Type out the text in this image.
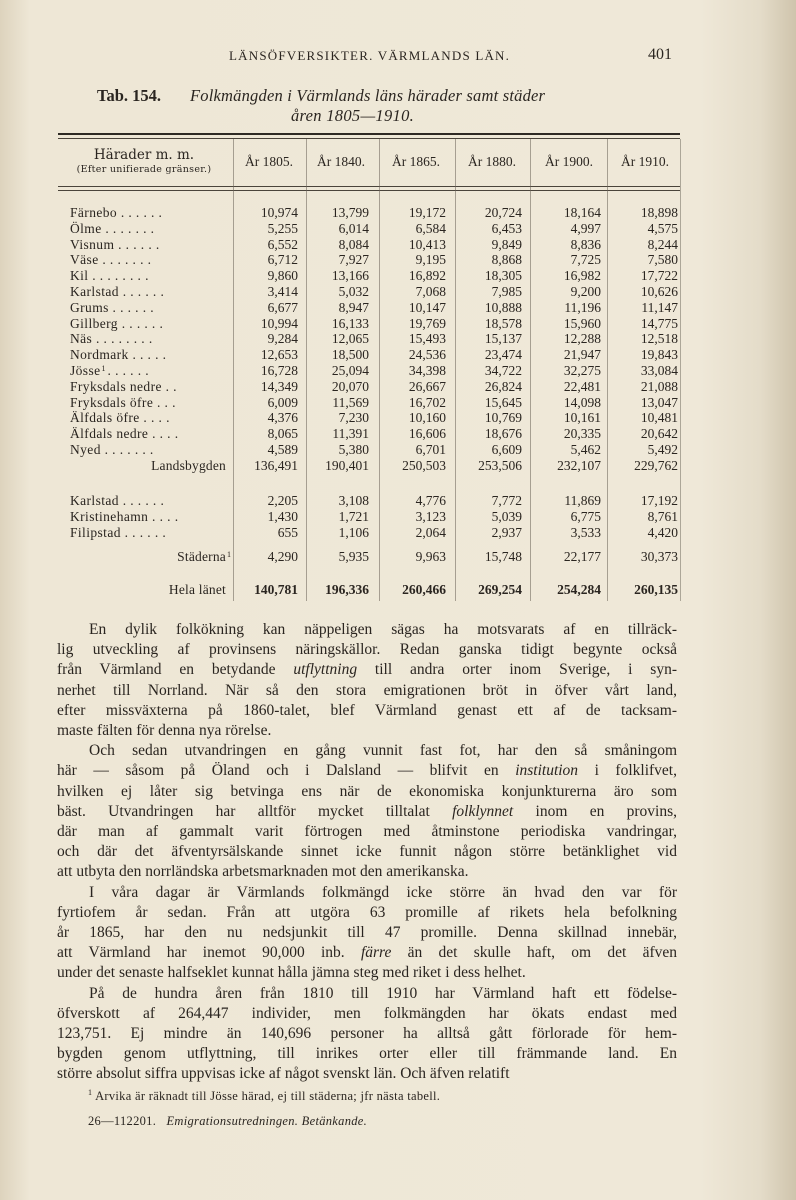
LÄNSÖFVERSIKTER. VÄRMLANDS LÄN.	401
Tab. 154. Folkmängden i Värmlands läns härader samt städer
åren 1805—1910.
Härader m. m.
(Efter unifierade gränser.)
År 1805.	År 1840.	År 1865.	År 1880.	År 1900.	År 1910.
Färnebo . . . . . .	10,974	13,799	19,172	20,724	18,164	18,898
Ölme . . . . . . .	5,255	6,014	6,584	6,453	4,997	4,575
Visnum . . . . . .	6,552	8,084	10,413	9,849	8,836	8,244
Väse . . . . . . .	6,712	7,927	9,195	8,868	7,725	7,580
Kil . . . . . . . .	9,860	13,166	16,892	18,305	16,982	17,722
Karlstad . . . . . .	3,414	5,032	7,068	7,985	9,200	10,626
Grums . . . . . .	6,677	8,947	10,147	10,888	11,196	11,147
Gillberg . . . . . .	10,994	16,133	19,769	18,578	15,960	14,775
Näs . . . . . . . .	9,284	12,065	15,493	15,137	12,288	12,518
Nordmark . . . . .	12,653	18,500	24,536	23,474	21,947	19,843
Jösse 1 . . . . . .	16,728	25,094	34,398	34,722	32,275	33,084
Fryksdals nedre . .	14,349	20,070	26,667	26,824	22,481	21,088
Fryksdals öfre . . .	6,009	11,569	16,702	15,645	14,098	13,047
Älfdals öfre . . . .	4,376	7,230	10,160	10,769	10,161	10,481
Älfdals nedre . . . .	8,065	11,391	16,606	18,676	20,335	20,642
Nyed . . . . . . .	4,589	5,380	6,701	6,609	5,462	5,492
Landsbygden	136,491	190,401	250,503	253,506	232,107	229,762
Karlstad . . . . . .	2,205	3,108	4,776	7,772	11,869	17,192
Kristinehamn . . . .	1,430	1,721	3,123	5,039	6,775	8,761
Filipstad . . . . . .	655	1,106	2,064	2,937	3,533	4,420
Städerna 1	4,290	5,935	9,963	15,748	22,177	30,373
Hela länet	140,781	196,336	260,466	269,254	254,284	260,135

En dylik folkökning kan näppeligen sägas ha motsvarats af en tillräck-
lig utveckling af provinsens näringskällor. Redan ganska tidigt begynte också
från Värmland en betydande utflyttning till andra orter inom Sverige, i syn-
nerhet till Norrland. När så den stora emigrationen bröt in öfver vårt land,
efter missväxterna på 1860-talet, blef Värmland genast ett af de tacksam-
maste fälten för denna nya rörelse.

Och sedan utvandringen en gång vunnit fast fot, har den så småningom
här — såsom på Öland och i Dalsland — blifvit en institution i folklifvet,
hvilken ej låter sig betvinga ens när de ekonomiska konjunkturerna äro som
bäst. Utvandringen har alltför mycket tilltalat folklynnet inom en provins,
där man af gammalt varit förtrogen med åtminstone periodiska vandringar,
och där det äfventyrsälskande sinnet icke funnit någon större betänklighet vid
att utbyta den norrländska arbetsmarknaden mot den amerikanska.

I våra dagar är Värmlands folkmängd icke större än hvad den var för
fyrtiofem år sedan. Från att utgöra 63 promille af rikets hela befolkning
år 1865, har den nu nedsjunkit till 47 promille. Denna skillnad innebär,
att Värmland har inemot 90,000 inb. färre än det skulle haft, om det äfven
under det senaste halfseklet kunnat hålla jämna steg med riket i dess helhet.

På de hundra åren från 1810 till 1910 har Värmland haft ett födelse-
öfverskott af 264,447 individer, men folkmängden har ökats endast med
123,751. Ej mindre än 140,696 personer ha alltså gått förlorade för hem-
bygden genom utflyttning, till inrikes orter eller till främmande land. En
större absolut siffra uppvisas icke af något svenskt län. Och äfven relatift

$^1$ Arvika är räknadt till Jösse härad, ej till städerna; jfr nästa tabell.
26—112201. Emigrationsutredningen. Betänkande.
